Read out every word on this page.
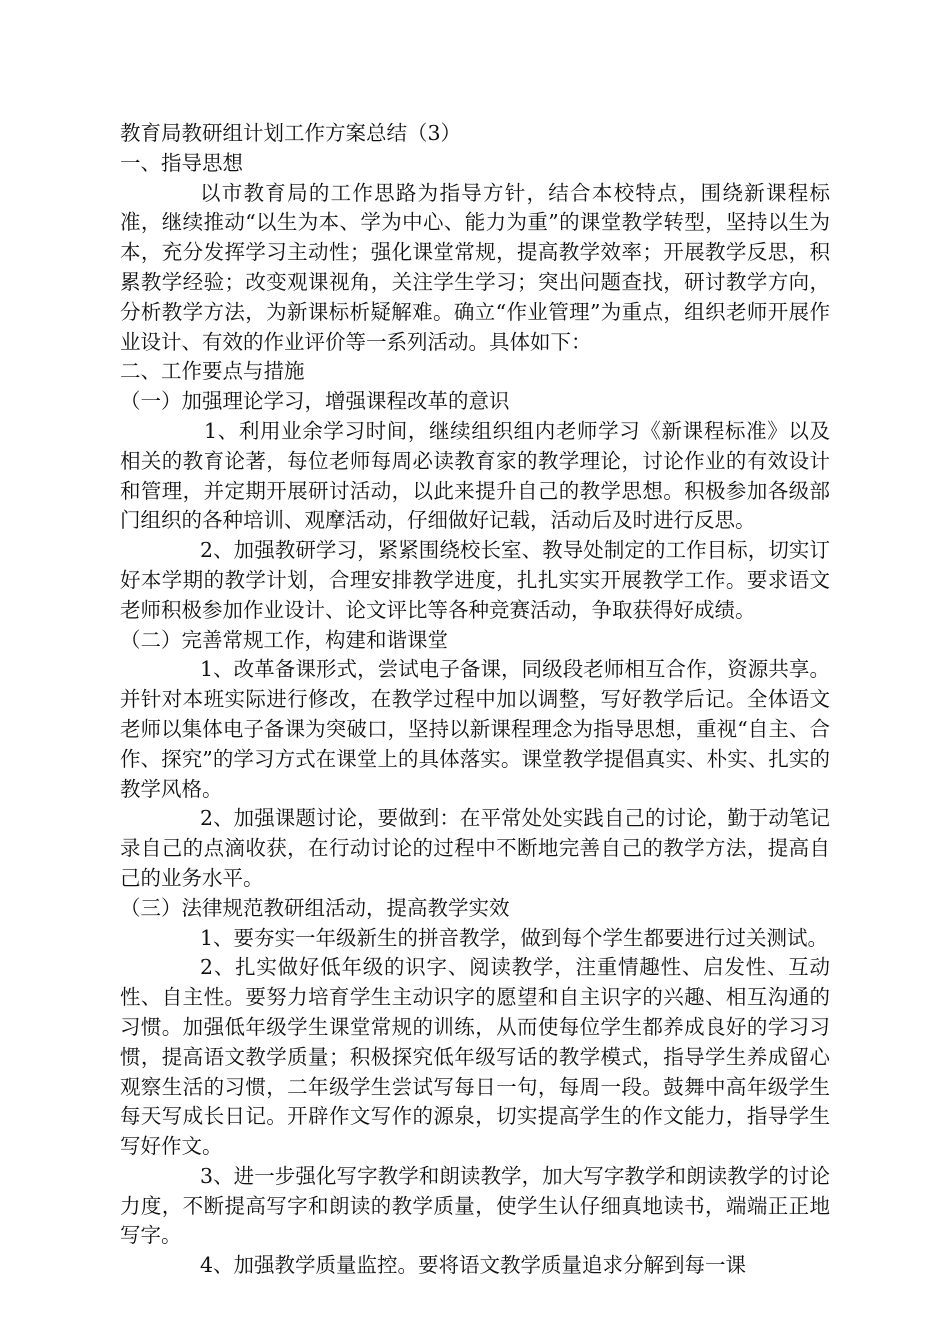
教育局教研组计划工作方案总结（3）

一、指导思想

以市教育局的工作思路为指导方针，结合本校特点，围绕新课程标准，继续推动“以生为本、学为中心、能力为重”的课堂教学转型，坚持以生为本，充分发挥学习主动性；强化课堂常规，提高教学效率；开展教学反思，积累教学经验；改变观课视角，关注学生学习；突出问题查找，研讨教学方向，分析教学方法，为新课标析疑解难。确立“作业管理”为重点，组织老师开展作业设计、有效的作业评价等一系列活动。具体如下：

二、工作要点与措施

（一）加强理论学习，增强课程改革的意识

1、利用业余学习时间，继续组织组内老师学习《新课程标准》以及相关的教育论著，每位老师每周必读教育家的教学理论，讨论作业的有效设计和管理，并定期开展研讨活动，以此来提升自己的教学思想。积极参加各级部门组织的各种培训、观摩活动，仔细做好记载，活动后及时进行反思。

2、加强教研学习，紧紧围绕校长室、教导处制定的工作目标，切实订好本学期的教学计划，合理安排教学进度，扎扎实实开展教学工作。要求语文老师积极参加作业设计、论文评比等各种竞赛活动，争取获得好成绩。

（二）完善常规工作，构建和谐课堂

1、改革备课形式，尝试电子备课，同级段老师相互合作，资源共享。并针对本班实际进行修改，在教学过程中加以调整，写好教学后记。全体语文老师以集体电子备课为突破口，坚持以新课程理念为指导思想，重视“自主、合作、探究”的学习方式在课堂上的具体落实。课堂教学提倡真实、朴实、扎实的教学风格。

2、加强课题讨论，要做到：在平常处处实践自己的讨论，勤于动笔记录自己的点滴收获，在行动讨论的过程中不断地完善自己的教学方法，提高自己的业务水平。

（三）法律规范教研组活动，提高教学实效

1、要夯实一年级新生的拼音教学，做到每个学生都要进行过关测试。

2、扎实做好低年级的识字、阅读教学，注重情趣性、启发性、互动性、自主性。要努力培育学生主动识字的愿望和自主识字的兴趣、相互沟通的习惯。加强低年级学生课堂常规的训练，从而使每位学生都养成良好的学习习惯，提高语文教学质量；积极探究低年级写话的教学模式，指导学生养成留心观察生活的习惯，二年级学生尝试写每日一句，每周一段。鼓舞中高年级学生每天写成长日记。开辟作文写作的源泉，切实提高学生的作文能力，指导学生写好作文。

3、进一步强化写字教学和朗读教学，加大写字教学和朗读教学的讨论力度，不断提高写字和朗读的教学质量，使学生认仔细真地读书，端端正正地写字。

4、加强教学质量监控。要将语文教学质量追求分解到每一课
